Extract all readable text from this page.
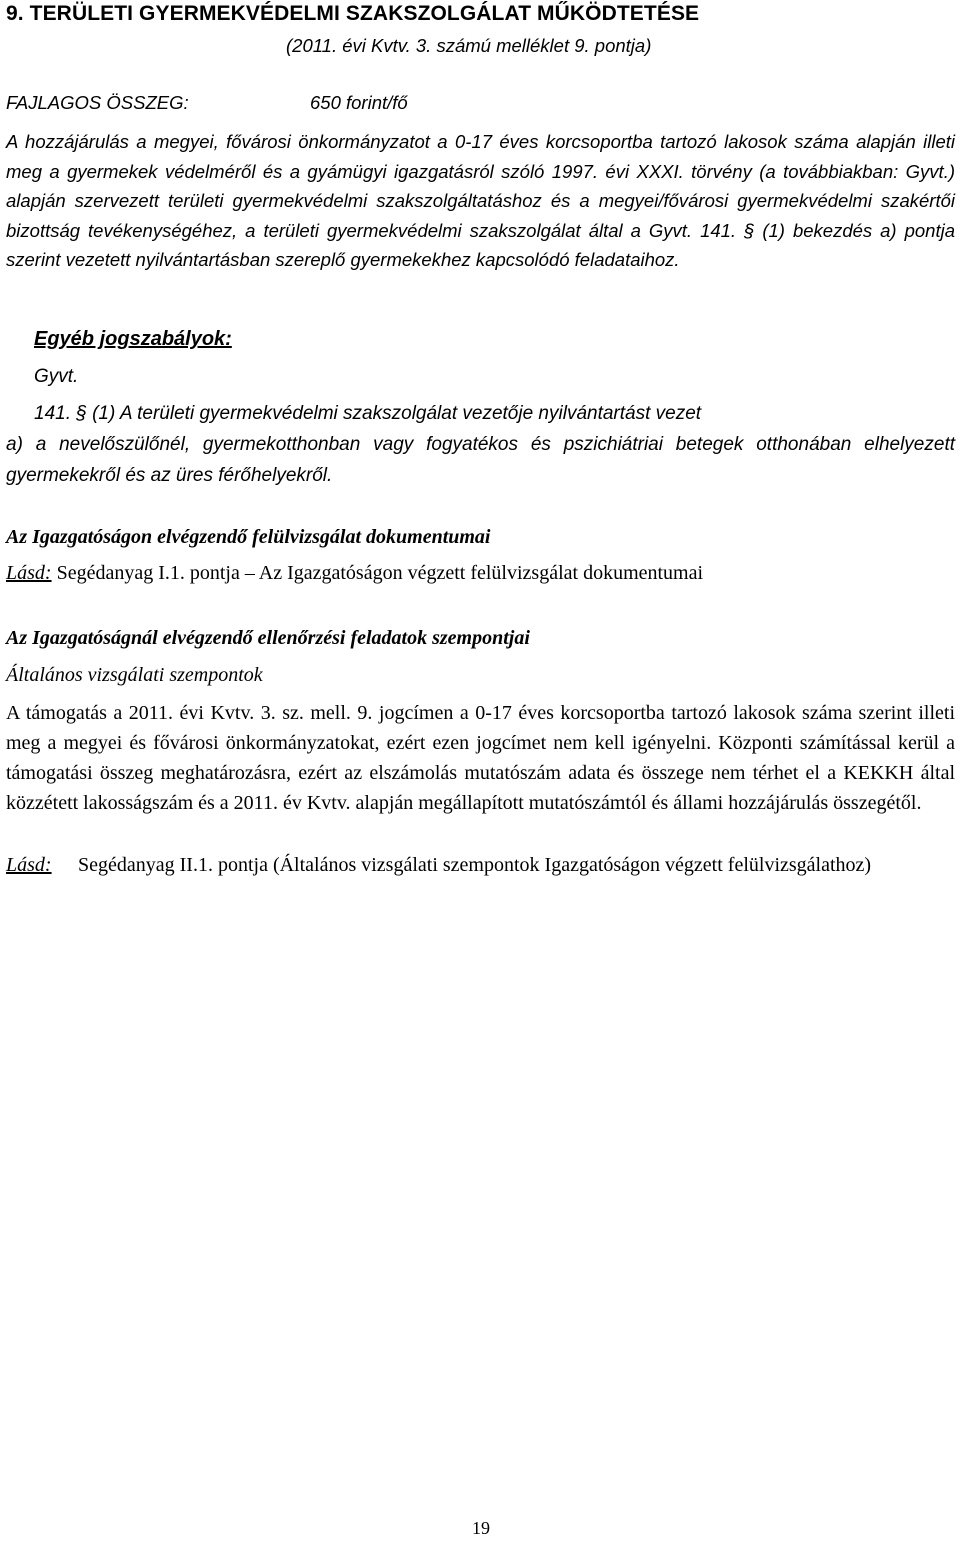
9. TERÜLETI GYERMEKVÉDELMI SZAKSZOLGÁLAT MŰKÖDTETÉSE

(2011. évi Kvtv. 3. számú melléklet 9. pontja)

FAJLAGOS ÖSSZEG:	650 forint/fő

A hozzájárulás a megyei, fővárosi önkormányzatot a 0-17 éves korcsoportba tartozó lakosok száma alapján illeti meg a gyermekek védelméről és a gyámügyi igazgatásról szóló 1997. évi XXXI. törvény (a továbbiakban: Gyvt.) alapján szervezett területi gyermekvédelmi szakszolgáltatáshoz és a megyei/fővárosi gyermekvédelmi szakértői bizottság tevékenységéhez, a területi gyermekvédelmi szakszolgálat által a Gyvt. 141. § (1) bekezdés a) pontja szerint vezetett nyilvántartásban szereplő gyermekekhez kapcsolódó feladataihoz.

Egyéb jogszabályok:

Gyvt.

141. § (1) A területi gyermekvédelmi szakszolgálat vezetője nyilvántartást vezet
a) a nevelőszülőnél, gyermekotthonban vagy fogyatékos és pszichiátriai betegek otthonában elhelyezett gyermekekről és az üres férőhelyekről.
Az Igazgatóságon elvégzendő felülvizsgálat dokumentumai

Lásd: Segédanyag I.1. pontja – Az Igazgatóságon végzett felülvizsgálat dokumentumai

Az Igazgatóságnál elvégzendő ellenőrzési feladatok szempontjai

Általános vizsgálati szempontok

A támogatás a 2011. évi Kvtv. 3. sz. mell. 9. jogcímen a 0-17 éves korcsoportba tartozó lakosok száma szerint illeti meg a megyei és fővárosi önkormányzatokat, ezért ezen jogcímet nem kell igényelni. Központi számítással kerül a támogatási összeg meghatározásra, ezért az elszámolás mutatószám adata és összege nem térhet el a KEKKH által közzétett lakosságszám és a 2011. év Kvtv. alapján megállapított mutatószámtól és állami hozzájárulás összegétől.

Lásd: Segédanyag II.1. pontja (Általános vizsgálati szempontok Igazgatóságon végzett felülvizsgálathoz)

19
